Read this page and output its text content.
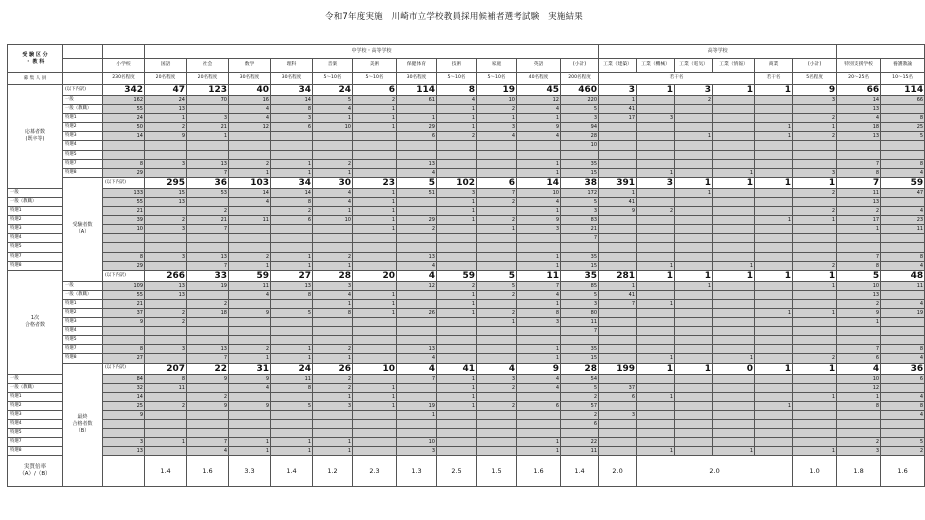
令和7年度実施　川崎市立学校教員採用候補者選考試験　実施結果
受 験 区 分
・ 教 科			中学校・高等学校											高等学校								
		小学校	国語	社会	数学	理科	音楽	美術	保健体育	技術	家庭	英語	(小計)	工業（建築）	工業（機械）	工業（電気）	工業（情報）	商業	(小計)	特別支援学校	養護教諭	
募 集 人 員		230名程度	20名程度	20名程度	30名程度	30名程度	5～10名	5～10名	30名程度	5～10名	5～10名	40名程度	200名程度	若干名				若干名	5名程度	20～25名	10～15名	
応募者数
(既卒等)	(以下内訳)	342	47	123	40	34	24	6	114	8	19	45	460	3	1	3	1	1	9	66	114	
	一般	162	24	70	16	14	5	2	61	4	10	12	220	1		2			3	14	66	
	一般（教職）	55	13		4	8	4	1		1	2	4	5	41						13		
	特選1	24	1	3	4	3	1	1	1	1	1	1	3	17	3				2	4	8	
	特選2	50	2	21	12	6	10	1	29	1	3	9	94					1	1	18	25	
	特選3	14	9	1					6	2	4	4	28			1		1	2	13	5	
	特選4												10									
	特選5																					
	特選7	8	3	13	2	1	2		13			1	35							7	8	
	特選8	29		7	1	1	1		4			1	15		1		1		3	8	4	
	受験者数
（A）	(以下内訳)	295	36	103	34	30	23	5	102	6	14	38	391	3	1	1	1	1	7	59		
一般		133	15	53	14	14	4	1	51	3	7	10	172	1		1			2	11	47	
一般（教職）		55	13		4	8	4	1		1	2	4	5	41						13		
特選1		21		2		2	1	1		1		1	3	9	2				2	2	4	
特選2		39	2	21	11	6	10	1	29	1	2	9	83					1	1	17	23	
特選3		10	3	7				1	2		1	3	21							1	11	
特選4													7									
特選5																						
特選7		8	3	13	2	1	2		13			1	35							7	8	
特選8		29		7	1	1	1		4			1	15		1		1		2	8	4	
1次
合格者数		(以下内訳)	266	33	59	27	28	20	4	59	5	11	35	281	1	1	1	1	1	5	48		
	一般	109	13	19	11	13	3		12	2	5	7	85	1		1			1	10	11	
	一般（教職）	55	13		4	8	4	1		1	2	4	5	41						13		
	特選1	21		2			1	1		1		1	3	7	1					2	4	
	特選2	37	2	18	9	5	8	1	26	1	2	8	80					1	1	9	19	
	特選3	9	2								1	3	11							1		
	特選4												7									
	特選5																					
	特選7	8	3	13	2	1	2		13			1	35							7	8	
	特選8	27		7	1	1	1		4			1	15		1		1		2	6	4	
	最終
合格者数
（B）	(以下内訳)	207	22	31	24	26	10	4	41	4	9	28	199	1	1	0	1	1	4	36		
一般		84	8	9	9	11	2		7	1	3	4	54							10	6	
一般（教職）		32	11		4	8	2	1		1	2	4	5	37						12		
特選1		14		2			1	1		1			2	6	1				1	1	4	
特選2		25	2	9	9	5	3	1	19	1	2	6	57					1		8	8	
特選3		9							1				2	3							4	
特選4													6									
特選5																						
特選7		3	1	7	1	1	1		10			1	22							2	5	
特選8		13		4	1	1	1		3			1	11		1		1		1	3	2	
実質倍率
（A）/（B）			1.4	1.6	3.3	1.4	1.2	2.3	1.3	2.5	1.5	1.6	1.4	2.0	2.0				1.0	1.8	1.6		
